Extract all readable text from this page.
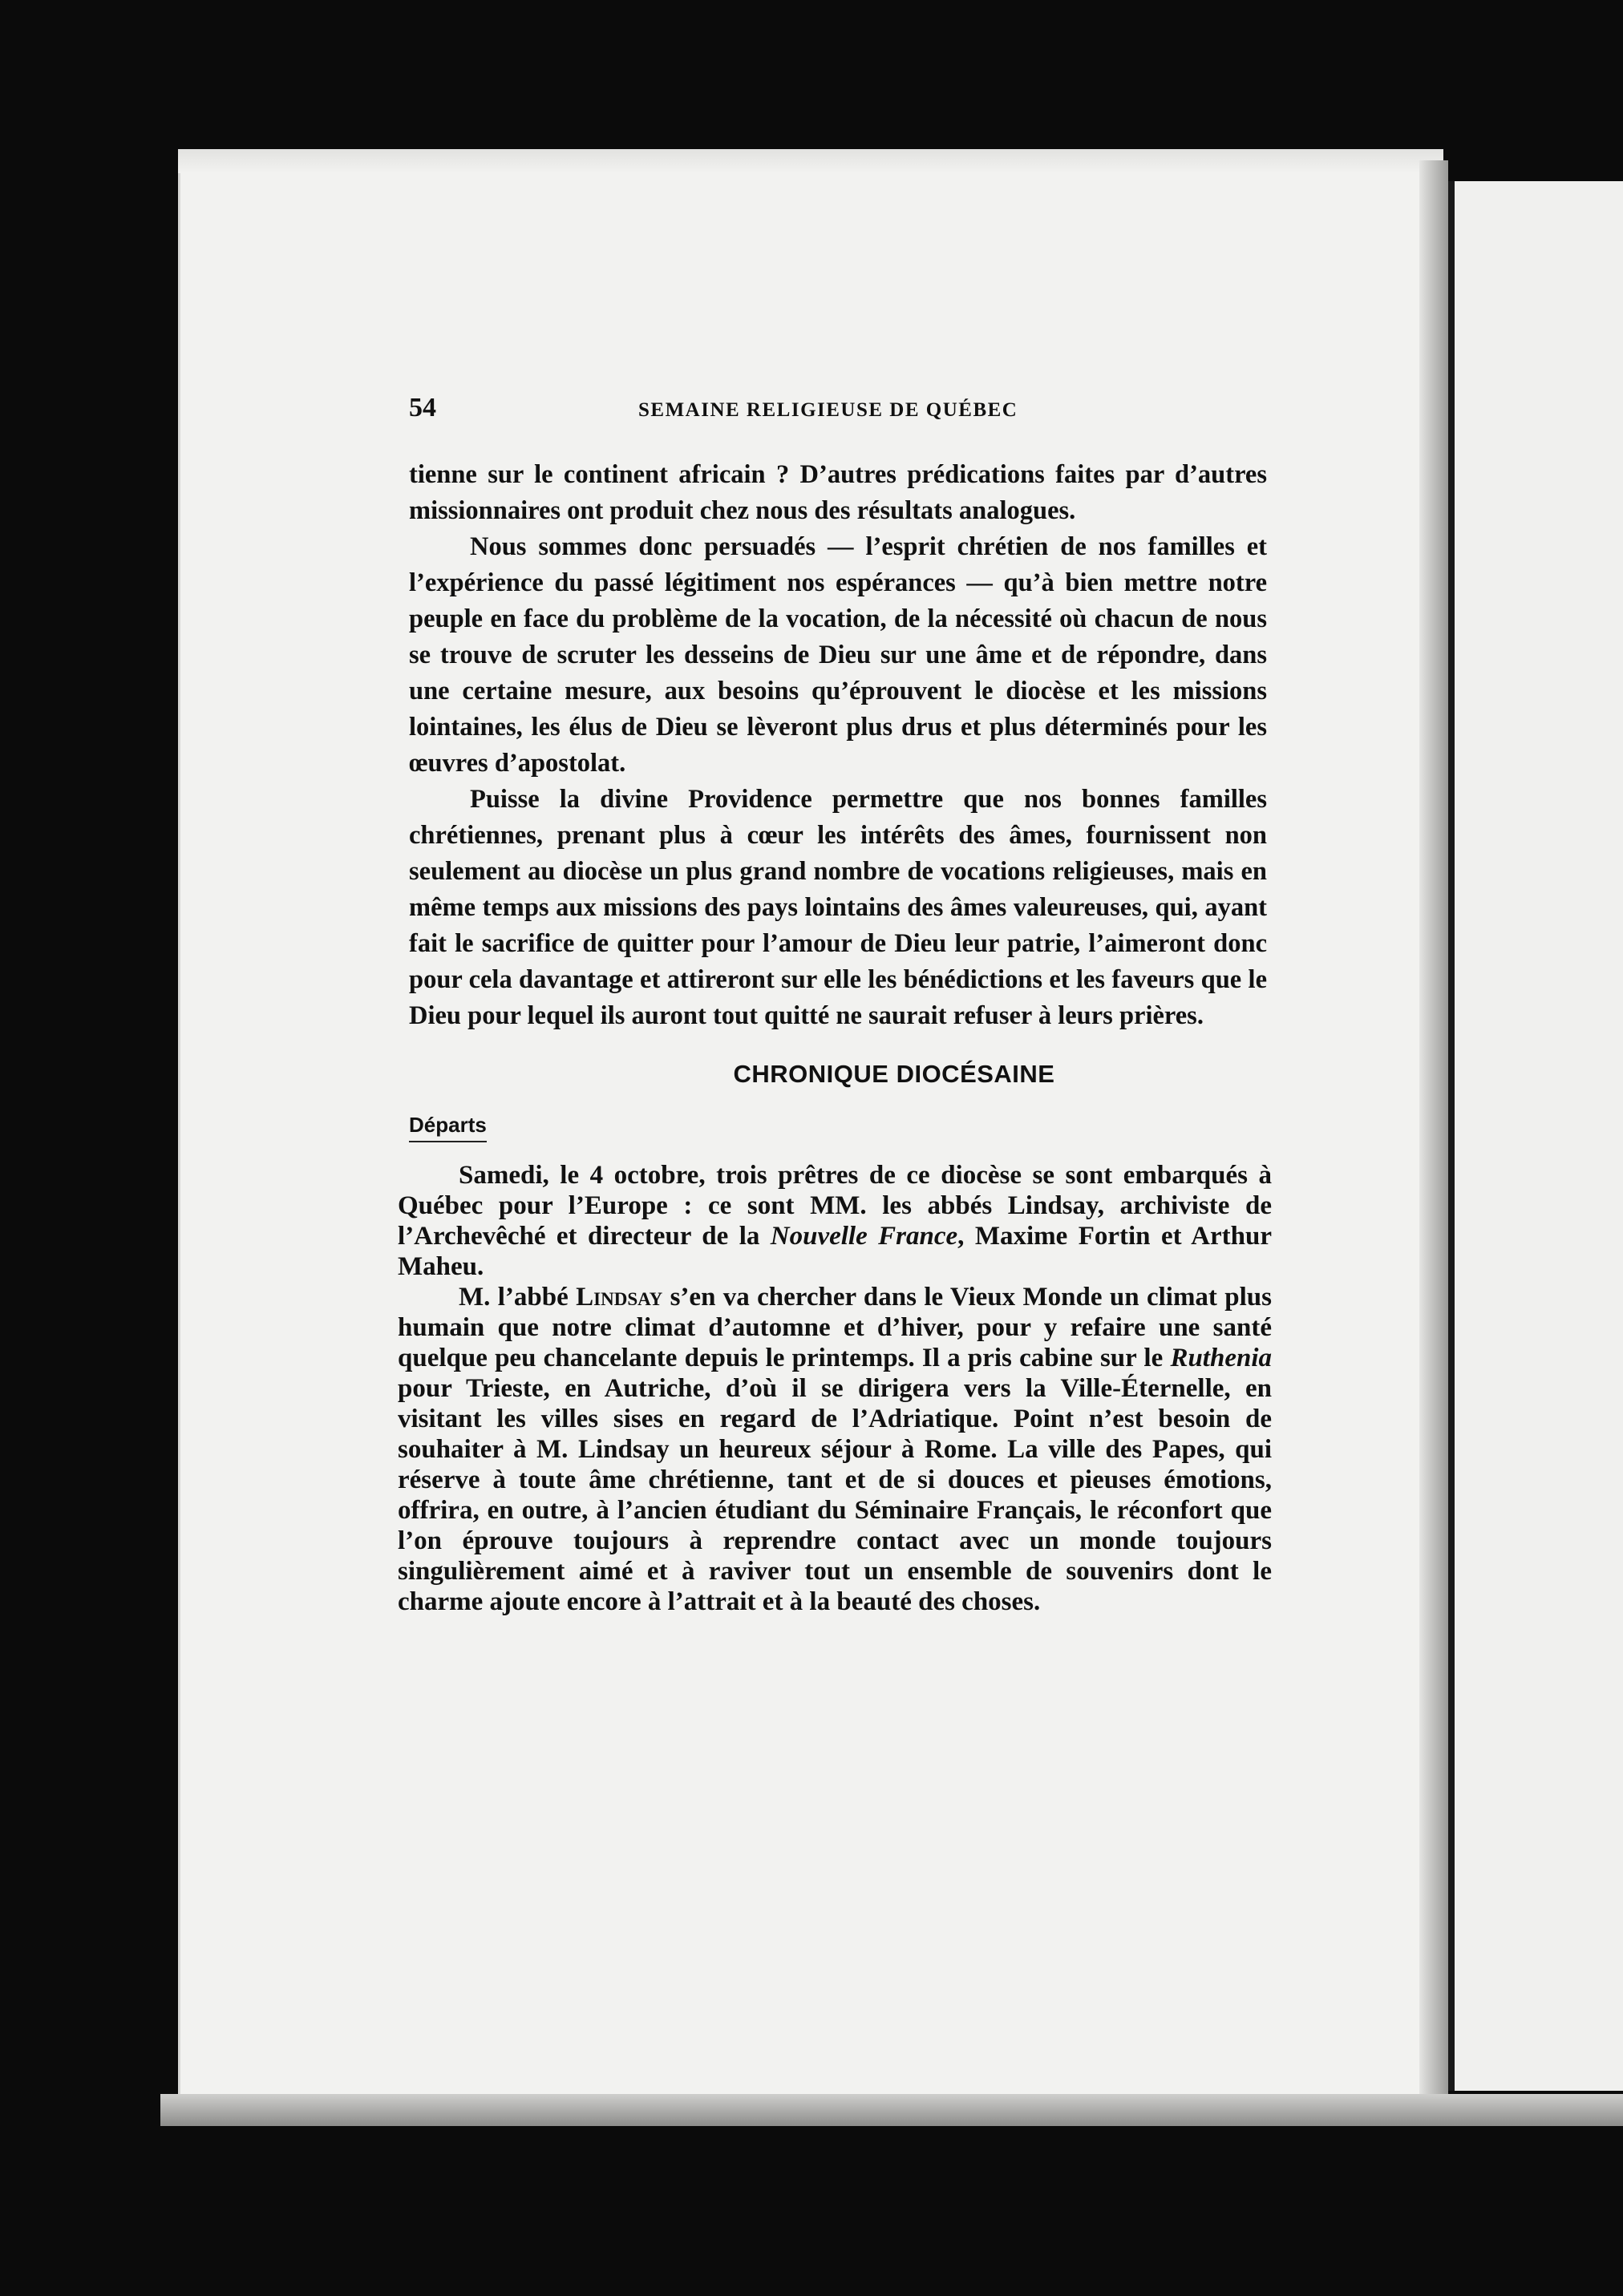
54	SEMAINE RELIGIEUSE DE QUÉBEC

tienne sur le continent africain ? D’autres prédications faites par d’autres missionnaires ont produit chez nous des résultats analogues.

Nous sommes donc persuadés — l’esprit chrétien de nos familles et l’expérience du passé légitiment nos espérances — qu’à bien mettre notre peuple en face du problème de la vocation, de la nécessité où chacun de nous se trouve de scruter les desseins de Dieu sur une âme et de répondre, dans une certaine mesure, aux besoins qu’éprouvent le diocèse et les missions lointaines, les élus de Dieu se lèveront plus drus et plus déterminés pour les œuvres d’apostolat.

Puisse la divine Providence permettre que nos bonnes familles chrétiennes, prenant plus à cœur les intérêts des âmes, fournissent non seulement au diocèse un plus grand nombre de vocations religieuses, mais en même temps aux missions des pays lointains des âmes valeureuses, qui, ayant fait le sacrifice de quitter pour l’amour de Dieu leur patrie, l’aimeront donc pour cela davantage et attireront sur elle les bénédictions et les faveurs que le Dieu pour lequel ils auront tout quitté ne saurait refuser à leurs prières.

CHRONIQUE DIOCÉSAINE
Départs

Samedi, le 4 octobre, trois prêtres de ce diocèse se sont embarqués à Québec pour l’Europe : ce sont MM. les abbés Lindsay, archiviste de l’Archevêché et directeur de la Nouvelle France, Maxime Fortin et Arthur Maheu.

M. l’abbé Lindsay s’en va chercher dans le Vieux Monde un climat plus humain que notre climat d’automne et d’hiver, pour y refaire une santé quelque peu chancelante depuis le printemps. Il a pris cabine sur le Ruthenia pour Trieste, en Autriche, d’où il se dirigera vers la Ville-Éternelle, en visitant les villes sises en regard de l’Adriatique. Point n’est besoin de souhaiter à M. Lindsay un heureux séjour à Rome. La ville des Papes, qui réserve à toute âme chrétienne, tant et de si douces et pieuses émotions, offrira, en outre, à l’ancien étudiant du Séminaire Français, le réconfort que l’on éprouve toujours à reprendre contact avec un monde toujours singulièrement aimé et à raviver tout un ensemble de souvenirs dont le charme ajoute encore à l’attrait et à la beauté des choses.
